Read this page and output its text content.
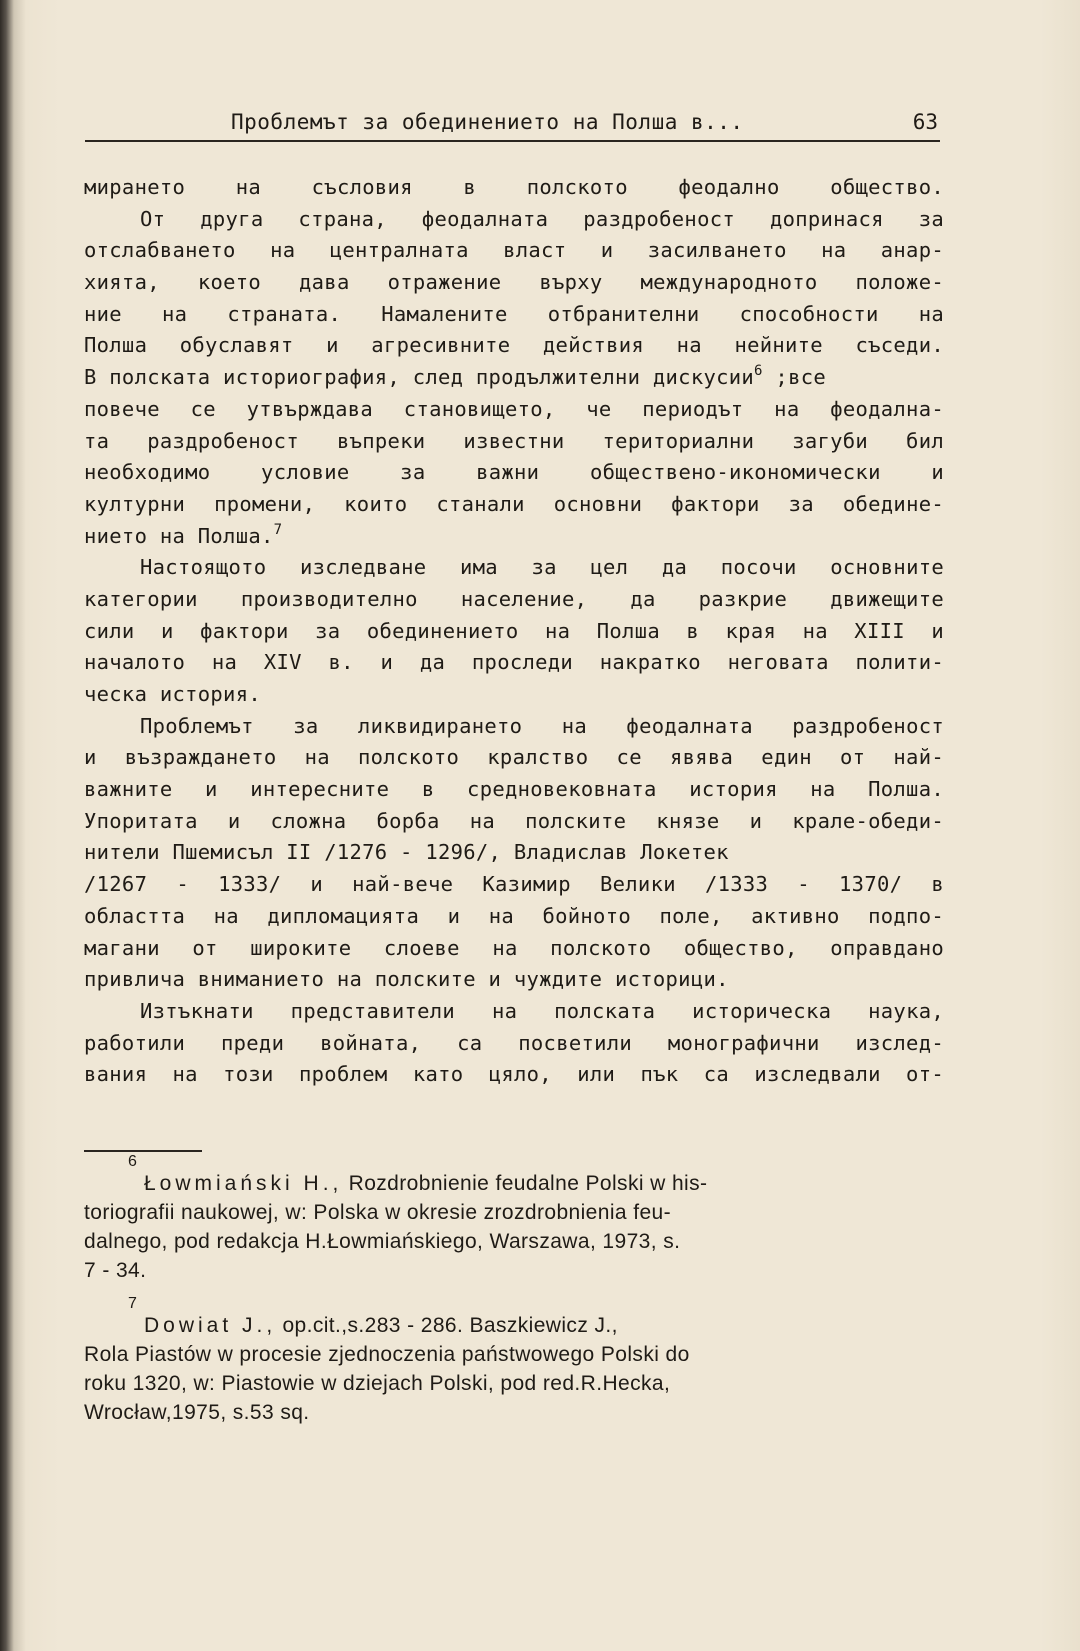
Проблемът за обединението на Полша в...	63
мирането на съсловия в полското феодално общество.
От друга страна, феодалната раздробеност допринася за
отслабването на централната власт и засилването на анар-
хията, което дава отражение върху международното положе-
ние на страната. Намалените отбранителни способности на
Полша обуславят и агресивните действия на нейните съседи.
В полската историография, след продължителни дискусии$^6$ ;все
повече се утвърждава становището, че периодът на феодална-
та раздробеност въпреки известни териториални загуби бил
необходимо условие за важни обществено-икономически и
културни промени, които станали основни фактори за обедине-
нието на Полша.$^7$
Настоящото изследване има за цел да посочи основните
категории производително население, да разкрие движещите
сили и фактори за обединението на Полша в края на XIII и
началото на XIV в. и да проследи накратко неговата полити-
ческа история.
Проблемът за ликвидирането на феодалната раздробеност
и възраждането на полското кралство се явява един от най-
важните и интересните в средновековната история на Полша.
Упоритата и сложна борба на полските князе и крале-обеди-
нители Пшемисъл II /1276 - 1296/, Владислав Локетек
/1267 - 1333/ и най-вече Казимир Велики /1333 - 1370/ в
областта на дипломацията и на бойното поле, активно подпо-
магани от широките слоеве на полското общество, оправдано
привлича вниманието на полските и чуждите историци.
Изтъкнати представители на полската историческа наука,
работили преди войната, са посветили монографични изслед-
вания на този проблем като цяло, или пък са изследвали от-
6
Łowmiański H., Rozdrobnienie feudalne Polski w his-
toriografii naukowej, w: Polska w okresie zrozdrobnienia feu-
dalnego, pod redakcja H.Łowmiańskiego, Warszawa, 1973, s.
7 - 34.
7
Dowiat J., op.cit.,s.283 - 286. Baszkiewicz J.,
Rola Piastów w procesie zjednoczenia państwowego Polski do
roku 1320, w: Piastowie w dziejach Polski, pod red.R.Hecka,
Wrocław,1975, s.53 sq.
